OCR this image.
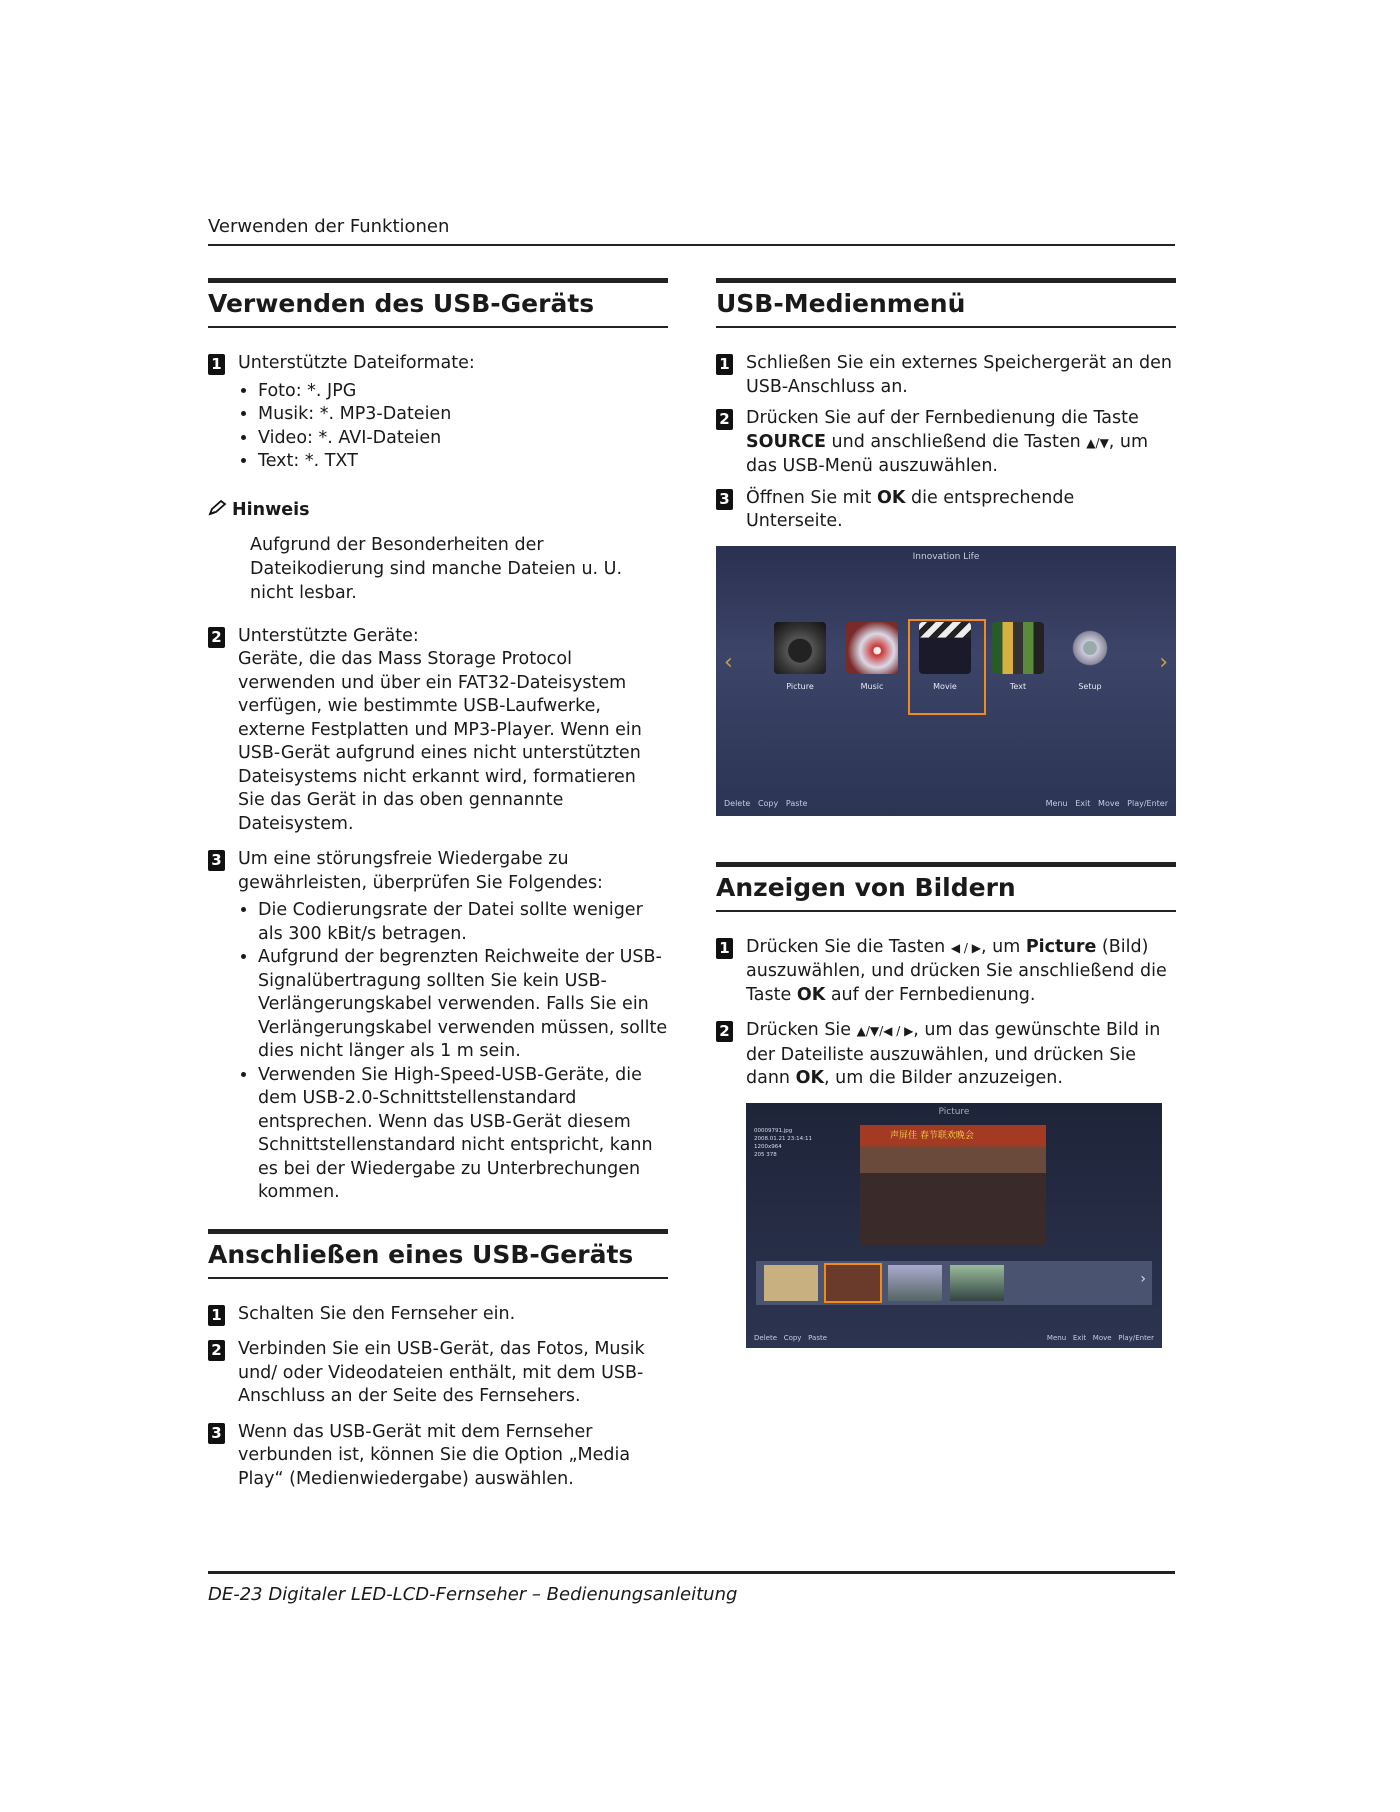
Verwenden der Funktionen
Verwenden des USB-Geräts
1 Unterstützte Dateiformate:
• Foto: *. JPG
• Musik: *. MP3-Dateien
• Video: *. AVI-Dateien
• Text: *. TXT
Hinweis
Aufgrund der Besonderheiten der Dateikodierung sind manche Dateien u. U. nicht lesbar.
2 Unterstützte Geräte:
Geräte, die das Mass Storage Protocol verwenden und über ein FAT32-Dateisystem verfügen, wie bestimmte USB-Laufwerke, externe Festplatten und MP3-Player. Wenn ein USB-Gerät aufgrund eines nicht unterstützten Dateisystems nicht erkannt wird, formatieren Sie das Gerät in das oben gennannte Dateisystem.
3 Um eine störungsfreie Wiedergabe zu gewährleisten, überprüfen Sie Folgendes:
• Die Codierungsrate der Datei sollte weniger als 300 kBit/s betragen.
• Aufgrund der begrenzten Reichweite der USB-Signalübertragung sollten Sie kein USB-Verlängerungskabel verwenden. Falls Sie ein Verlängerungskabel verwenden müssen, sollte dies nicht länger als 1 m sein.
• Verwenden Sie High-Speed-USB-Geräte, die dem USB-2.0-Schnittstellenstandard entsprechen. Wenn das USB-Gerät diesem Schnittstellenstandard nicht entspricht, kann es bei der Wiedergabe zu Unterbrechungen kommen.
Anschließen eines USB-Geräts
1 Schalten Sie den Fernseher ein.
2 Verbinden Sie ein USB-Gerät, das Fotos, Musik und/ oder Videodateien enthält, mit dem USB-Anschluss an der Seite des Fernsehers.
3 Wenn das USB-Gerät mit dem Fernseher verbunden ist, können Sie die Option „Media Play“ (Medienwiedergabe) auswählen.
USB-Medienmenü
1 Schließen Sie ein externes Speichergerät an den USB-Anschluss an.
2 Drücken Sie auf der Fernbedienung die Taste SOURCE und anschließend die Tasten ▲/▼, um das USB-Menü auszuwählen.
3 Öffnen Sie mit OK die entsprechende Unterseite.
Innovation Life
‹	›
Picture	Music	Movie	Text	Setup
Delete Copy Paste	Menu Exit Move Play/Enter
Anzeigen von Bildern
1 Drücken Sie die Tasten ◀ / ▶, um Picture (Bild) auszuwählen, und drücken Sie anschließend die Taste OK auf der Fernbedienung.
2 Drücken Sie ▲/▼/◀ / ▶, um das gewünschte Bild in der Dateiliste auszuwählen, und drücken Sie dann OK, um die Bilder anzuzeigen.
Picture
00009791.jpg
2008.01.21 23:14:11
1200x964
205 378
声屏佳 春节联欢晚会
›
Delete Copy Paste	Menu Exit Move Play/Enter
DE-23 Digitaler LED-LCD-Fernseher – Bedienungsanleitung
